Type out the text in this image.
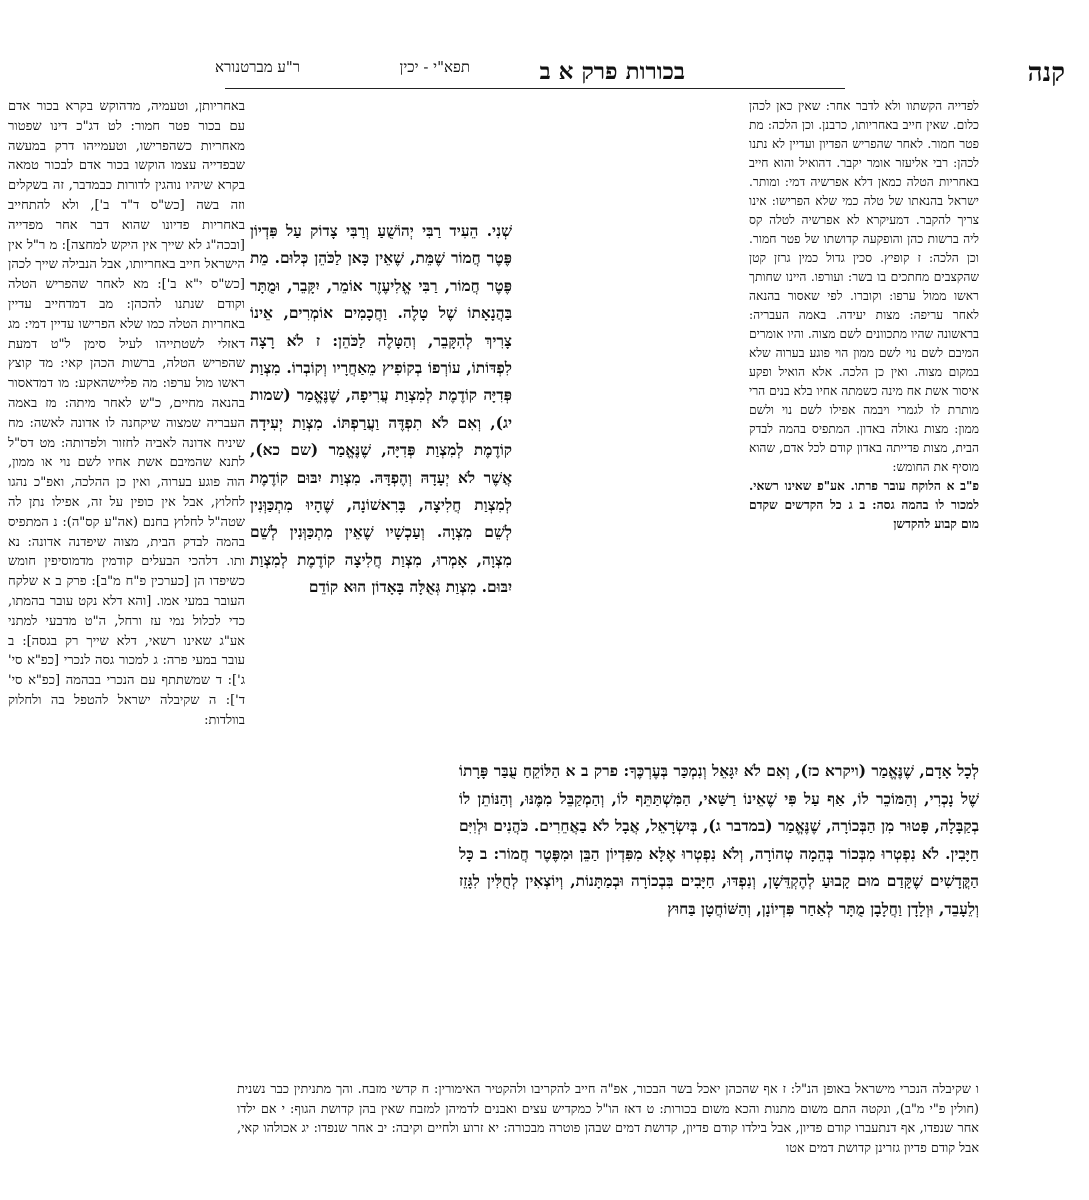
קנה
בכורות פרק א ב
תפא"י - יכין
ר"ע מברטנורא

לפדייה הקשתוו ולא לדבר אחר: שאין כאן לכהן כלום. שאין חייב באחריותו, כרבנן. וכן הלכה: מת פטר חמור. לאחר שהפריש הפדיון ועדיין לא נתנו לכהן: רבי אליעזר אומר יקבר. דהואיל והוא חייב באחריות הטלה כמאן דלא אפרשיה דמי: ומותר. ישראל בהנאתו של טלה כמי שלא הפרישו: אינו צריך להקבר. דמעיקרא לא אפרשיה לטלה קס ליה ברשות כהן והופקעה קדושתו של פטר חמור. וכן הלכה: ז קופיץ. סכין גדול כמין גרזן קטן שהקצבים מחתכים בו בשר: ועורפו. היינו שחותך ראשו ממול ערפו: וקוברו. לפי שאסור בהנאה לאחר עריפה: מצות יעידה. באמה העבריה: בראשונה שהיו מתכוונים לשם מצוה. והיו אומרים המיבם לשם נוי לשם ממון הוי פוגע בערוה שלא במקום מצוה. ואין כן הלכה. אלא הואיל ופקע איסור אשת אח מינה כשמתה אחיו בלא בנים הרי מותרת לו לגמרי ויבמה אפילו לשם נוי ולשם ממון: מצות גאולה באדון. המתפיס בהמה לבדק הבית, מצות פדייתה באדון קודם לכל אדם, שהוא מוסיף את החומש:

פ"ב א הלוקח עובר פרתו. אע"פ שאינו רשאי. למכור לו בהמה גסה: ב ג כל הקדשים שקדם מום קבוע להקדשן

שְׁנִי. הֵעִיד רַבִּי יְהוֹשֻׁעַ וְרַבִּי צָדוֹק עַל פִּדְיוֹן פֶּטֶר חֲמוֹר שֶׁמֵּת, שֶׁאֵין כָּאן לַכֹּהֵן כְּלוּם. מֵת פֶּטֶר חֲמוֹר, רַבִּי אֱלִיעֶזֶר אוֹמֵר, יִקָּבֵר, וּמֻתָּר בַּהֲנָאָתוֹ שֶׁל טָלֶה. וַחֲכָמִים אוֹמְרִים, אֵינוֹ צָרִיךְ לְהִקָּבֵר, וְהַטָּלֶה לַכֹּהֵן: ז לֹא רָצָה לִפְדּוֹתוֹ, עוֹרְפוֹ בְקוֹפִיץ מֵאַחֲרָיו וְקוֹבְרוֹ. מִצְוַת פְּדִיָּה קוֹדֶמֶת לְמִצְוַת עֲרִיפָה, שֶׁנֶּאֱמַר (שמות יג), וְאִם לֹא תִפְדֶּה וַעֲרַפְתּוֹ. מִצְוַת יְעִידָה קוֹדֶמֶת לְמִצְוַת פְּדִיָּה, שֶׁנֶּאֱמַר (שם כא), אֲשֶׁר לֹא יְעָדָהּ וְהֶפְדָּהּ. מִצְוַת יִבּוּם קוֹדֶמֶת לְמִצְוַת חֲלִיצָה, בָּרִאשׁוֹנָה, שֶׁהָיוּ מִתְכַּוְּנִין לְשֵׁם מִצְוָה. וְעַכְשָׁיו שֶׁאֵין מִתְכַּוְּנִין לְשֵׁם מִצְוָה, אָמְרוּ, מִצְוַת חֲלִיצָה קוֹדֶמֶת לְמִצְוַת יִבּוּם. מִצְוַת גְּאֻלָּה בָּאָדוֹן הוּא קוֹדֵם

באחריותן, וטעמיה, מדהוקש בקרא בכור אדם עם בכור פטר חמור: לט דג"כ דינו שפטור מאחריות כשהפרישו, וטעמייהו דרק במעשה שבפדייה עצמו הוקשו בכור אדם לבכור טמאה בקרא שיהיו נוהגין לדורות כבמדבר, זה בשקלים וזה בשה [כש"ס ד"ד ב'], ולא להתחייב באחריות פדיונו שהוא דבר אחר מפדייה [ובכה"ג לא שייך אין היקש למחצה]: מ ר"ל אין הישראל חייב באחריותו, אבל הנבילה שייך לכהן [כש"ס י"א ב']: מא לאחר שהפריש הטלה וקודם שנתנו להכהן: מב דמדחייב עדיין באחריות הטלה כמו שלא הפרישו עדיין דמי: מג דאזלי לשטתייהו לעיל סימן ל"ט דמעת שהפריש הטלה, ברשות הכהן קאי: מד קוצץ ראשו מול ערפו: מה פליישהאקע: מו דמדאסור בהנאה מחיים, כ"ש לאחר מיתה: מז באמה העבריה שמצוה שיקחנה לו אדונה לאשה: מח שיניח אדונה לאביה לחזור ולפדותה: מט דס"ל לתנא שהמיבם אשת אחיו לשם נוי או ממון, הוה פוגע בערוה, ואין כן ההלכה, ואפ"כ נהגו לחלוץ, אבל אין כופין על זה, אפילו נתן לה שטה"ל לחלוץ בחנם (אה"ע קס"ה): נ המתפיס בהמה לבדק הבית, מצוה שיפדנה אדונה: נא ותו. דלהכי הבעלים קודמין מדמוסיפין חומש כשיפדו הן [כערכין פ"ח מ"ב]: פרק ב א שלקח העובר במעי אמו. [והא דלא נקט עובר בהמתו, כדי לכלול נמי עז ורחל, ה"ט מדבעי למתני אע"ג שאינו רשאי, דלא שייך רק בגסה]: ב עובר במעי פרה: ג למכור גסה לנכרי [כפ"א סי' ג']: ד שמשתתף עם הנכרי בבהמה [כפ"א סי' ד']: ה שקיבלה ישראל להטפל בה ולחלוק בוולדות:

לְכָל אָדָם, שֶׁנֶּאֱמַר (ויקרא כז), וְאִם לֹא יִגָּאֵל וְנִמְכַּר בְּעֶרְכֶּךָ: פרק ב א הַלּוֹקֵחַ עֻבַּר פָּרָתוֹ שֶׁל נָכְרִי, וְהַמּוֹכֵר לוֹ, אַף עַל פִּי שֶׁאֵינוֹ רַשַּׁאי, הַמִּשְׁתַּתֵּף לוֹ, וְהַמְקַבֵּל מִמֶּנּוּ, וְהַנּוֹתֵן לוֹ בְקַבָּלָה, פָּטוּר מִן הַבְּכוֹרָה, שֶׁנֶּאֱמַר (במדבר ג), בְּיִשְׂרָאֵל, אֲבָל לֹא בַאֲחֵרִים. כֹּהֲנִים וּלְוִיִּם חַיָּבִין. לֹא נִפְטְרוּ מִבְּכוֹר בְּהֵמָה טְהוֹרָה, וְלֹא נִפְטְרוּ אֶלָּא מִפִּדְיוֹן הַבֵּן וּמִפֶּטֶר חֲמוֹר: ב כָּל הַקֳּדָשִׁים שֶׁקָּדַם מוּם קָבוּעַ לְהֶקְדֵּשָׁן, וְנִפְדּוּ, חַיָּבִים בִּבְכוֹרָה וּבְמַתָּנוֹת, וְיוֹצְאִין לְחֻלִּין לִגָּזֵז וְלֵעָבֵד, וּוְלָדָן וַחֲלָבָן מֻתָּר לְאַחַר פִּדְיוֹנָן, וְהַשּׁוֹחֲטָן בַּחוּץ

ו שקיבלה הנכרי מישראל באופן הנ"ל: ז אף שהכהן יאכל בשר הבכור, אפ"ה חייב להקריבו ולהקטיר האימורין: ח קדשי מזבח. והך מתניתין כבר נשנית (חולין פ"י מ"ב), ונקטה התם משום מתנות והכא משום בכורות: ט דאז הו"ל כמקדיש עצים ואבנים לדמיהן למזבח שאין בהן קדושת הגוף: י אם ילדו אחר שנפדו, אף דנתעברו קודם פדיון, אבל בילדו קודם פדיון, קדושת דמים שבהן פוטרה מבכורה: יא זרוע ולחיים וקיבה: יב אחר שנפדו: יג אכולהו קאי, אבל קודם פדיון גזרינן קדושת דמים אטו
